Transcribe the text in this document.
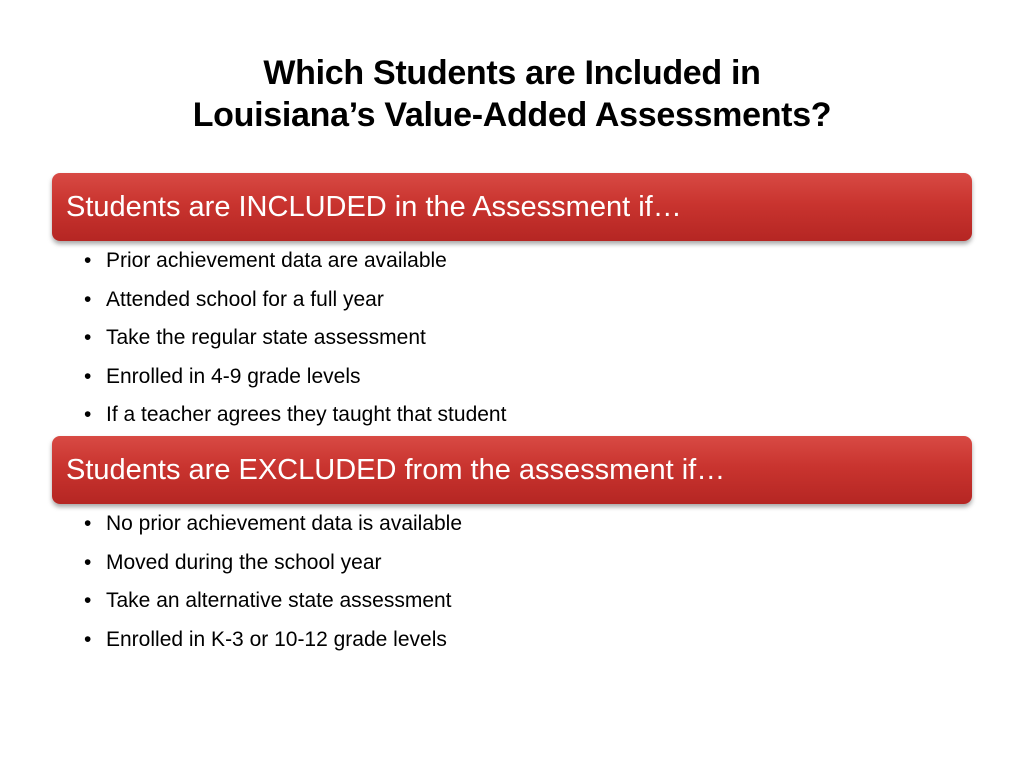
Which Students are Included in
Louisiana’s Value-Added Assessments?
Students are INCLUDED in the Assessment if…
• Prior achievement data are available
• Attended school for a full year
• Take the regular state assessment
• Enrolled in 4-9 grade levels
• If a teacher agrees they taught that student
Students are EXCLUDED from the assessment if…
• No prior achievement data is available
• Moved during the school year
• Take an alternative state assessment
• Enrolled in K-3 or 10-12 grade levels
